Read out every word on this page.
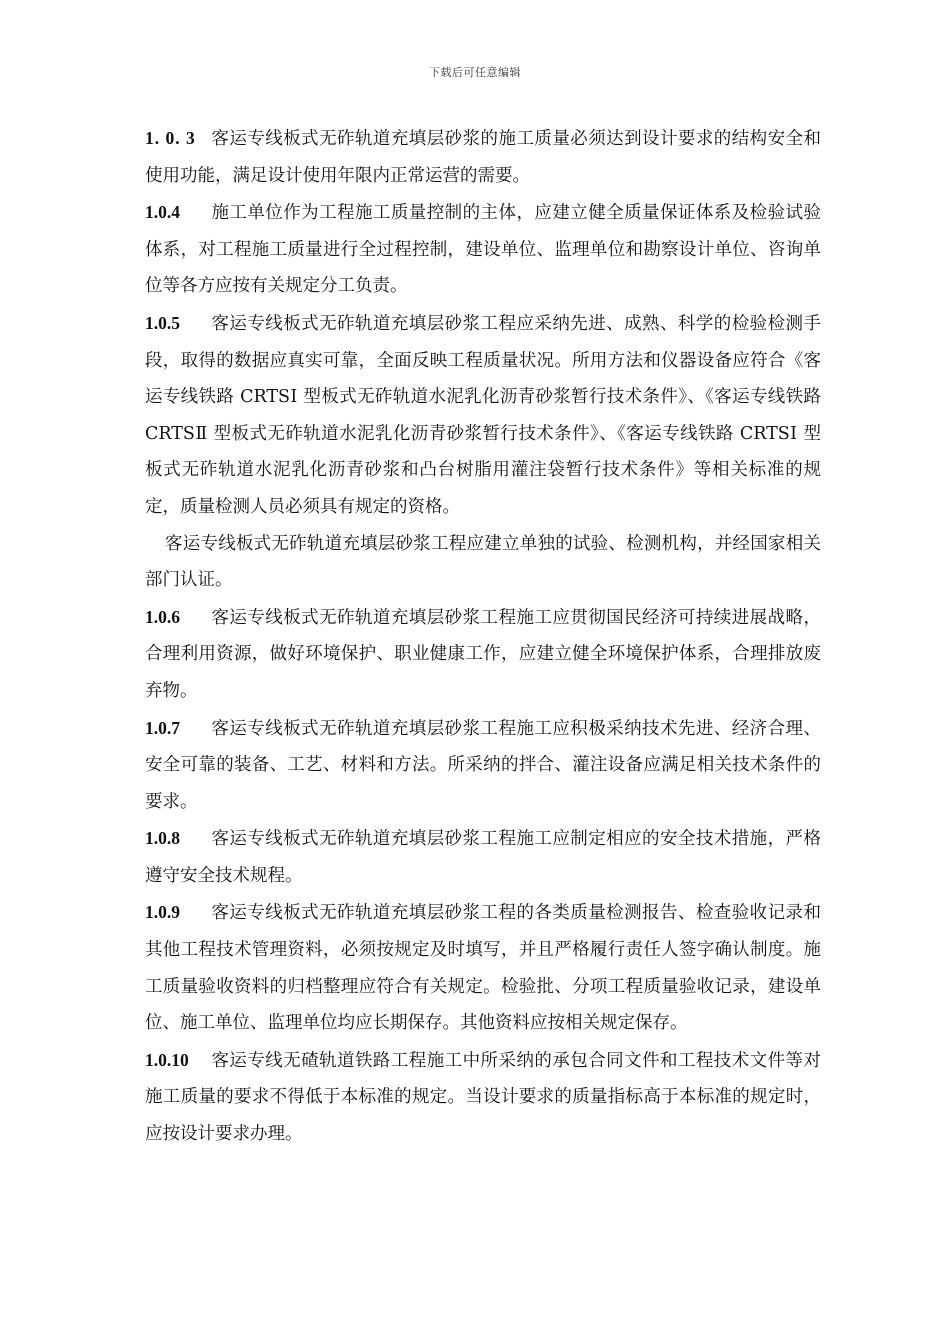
下载后可任意编辑

1. 0. 3 客运专线板式无砟轨道充填层砂浆的施工质量必须达到设计要求的结构安全和使用功能，满足设计使用年限内正常运营的需要。

1.0.4 施工单位作为工程施工质量控制的主体，应建立健全质量保证体系及检验试验体系，对工程施工质量进行全过程控制，建设单位、监理单位和勘察设计单位、咨询单位等各方应按有关规定分工负责。

1.0.5 客运专线板式无砟轨道充填层砂浆工程应采纳先进、成熟、科学的检验检测手段，取得的数据应真实可靠，全面反映工程质量状况。所用方法和仪器设备应符合《客运专线铁路 CRTSⅠ 型板式无砟轨道水泥乳化沥青砂浆暂行技术条件》、《客运专线铁路 CRTSⅡ 型板式无砟轨道水泥乳化沥青砂浆暂行技术条件》、《客运专线铁路 CRTSⅠ 型板式无砟轨道水泥乳化沥青砂浆和凸台树脂用灌注袋暂行技术条件》等相关标准的规定，质量检测人员必须具有规定的资格。

客运专线板式无砟轨道充填层砂浆工程应建立单独的试验、检测机构，并经国家相关部门认证。

1.0.6 客运专线板式无砟轨道充填层砂浆工程施工应贯彻国民经济可持续进展战略，合理利用资源，做好环境保护、职业健康工作，应建立健全环境保护体系，合理排放废弃物。

1.0.7 客运专线板式无砟轨道充填层砂浆工程施工应积极采纳技术先进、经济合理、安全可靠的装备、工艺、材料和方法。所采纳的拌合、灌注设备应满足相关技术条件的要求。

1.0.8 客运专线板式无砟轨道充填层砂浆工程施工应制定相应的安全技术措施，严格遵守安全技术规程。

1.0.9 客运专线板式无砟轨道充填层砂浆工程的各类质量检测报告、检查验收记录和其他工程技术管理资料，必须按规定及时填写，并且严格履行责任人签字确认制度。施工质量验收资料的归档整理应符合有关规定。检验批、分项工程质量验收记录，建设单位、施工单位、监理单位均应长期保存。其他资料应按相关规定保存。

1.0.10 客运专线无碴轨道铁路工程施工中所采纳的承包合同文件和工程技术文件等对施工质量的要求不得低于本标准的规定。当设计要求的质量指标高于本标准的规定时，应按设计要求办理。
